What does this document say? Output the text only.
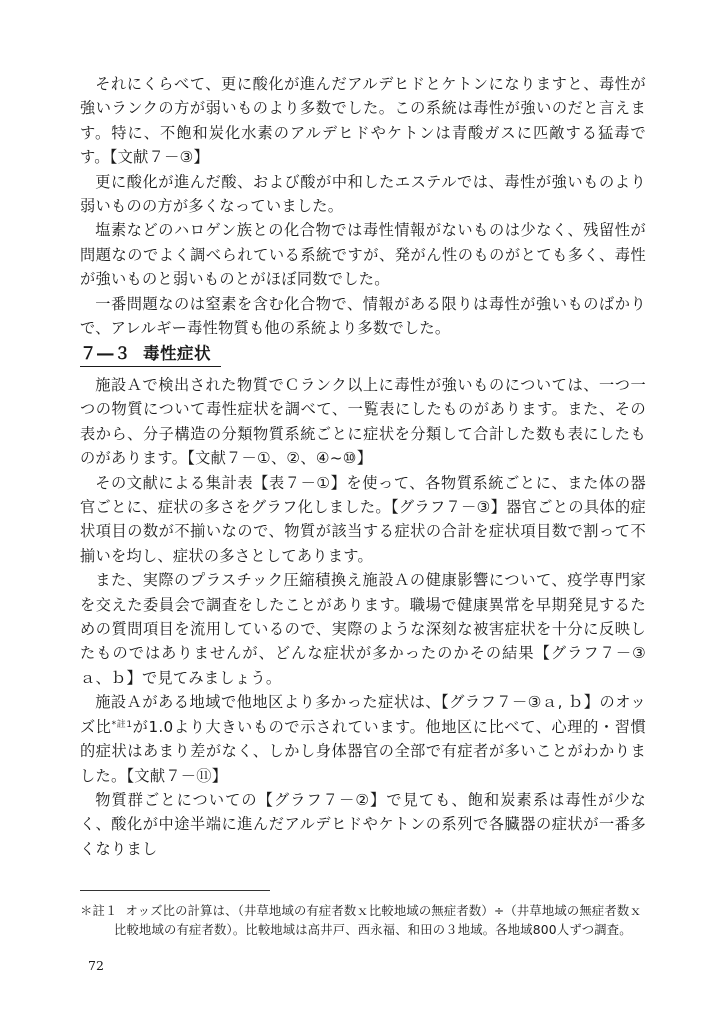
それにくらべて、更に酸化が進んだアルデヒドとケトンになりますと、毒性が強いランクの方が弱いものより多数でした。この系統は毒性が強いのだと言えます。特に、不飽和炭化水素のアルデヒドやケトンは青酸ガスに匹敵する猛毒です。【文献７－③】

更に酸化が進んだ酸、および酸が中和したエステルでは、毒性が強いものより弱いものの方が多くなっていました。

塩素などのハロゲン族との化合物では毒性情報がないものは少なく、残留性が問題なのでよく調べられている系統ですが、発がん性のものがとても多く、毒性が強いものと弱いものとがほぼ同数でした。

一番問題なのは窒素を含む化合物で、情報がある限りは毒性が強いものばかりで、アレルギー毒性物質も他の系統より多数でした。

７―３ 毒性症状

施設Ａで検出された物質でＣランク以上に毒性が強いものについては、一つ一つの物質について毒性症状を調べて、一覧表にしたものがあります。また、その表から、分子構造の分類物質系統ごとに症状を分類して合計した数も表にしたものがあります。【文献７－①、②、④~⑩】

その文献による集計表【表７－①】を使って、各物質系統ごとに、また体の器官ごとに、症状の多さをグラフ化しました。【グラフ７－③】器官ごとの具体的症状項目の数が不揃いなので、物質が該当する症状の合計を症状項目数で割って不揃いを均し、症状の多さとしてあります。

また、実際のプラスチック圧縮積換え施設Ａの健康影響について、疫学専門家を交えた委員会で調査をしたことがあります。職場で健康異常を早期発見するための質問項目を流用しているので、実際のような深刻な被害症状を十分に反映したものではありませんが、どんな症状が多かったのかその結果【グラフ７－③ａ、ｂ】で見てみましょう。

施設Ａがある地域で他地区より多かった症状は、【グラフ７－③ａ, ｂ】のオッズ比$^{*註1}$が1.0より大きいもので示されています。他地区に比べて、心理的・習慣的症状はあまり差がなく、しかし身体器官の全部で有症者が多いことがわかりました。【文献７－⑪】

物質群ごとについての【グラフ７－②】で見ても、飽和炭素系は毒性が少なく、酸化が中途半端に進んだアルデヒドやケトンの系列で各臓器の症状が一番多くなりまし

＊註１ オッズ比の計算は、（井草地域の有症者数ｘ比較地域の無症者数）÷（井草地域の無症者数ｘ
比較地域の有症者数）。比較地域は高井戸、西永福、和田の３地域。各地域800人ずつ調査。
72
